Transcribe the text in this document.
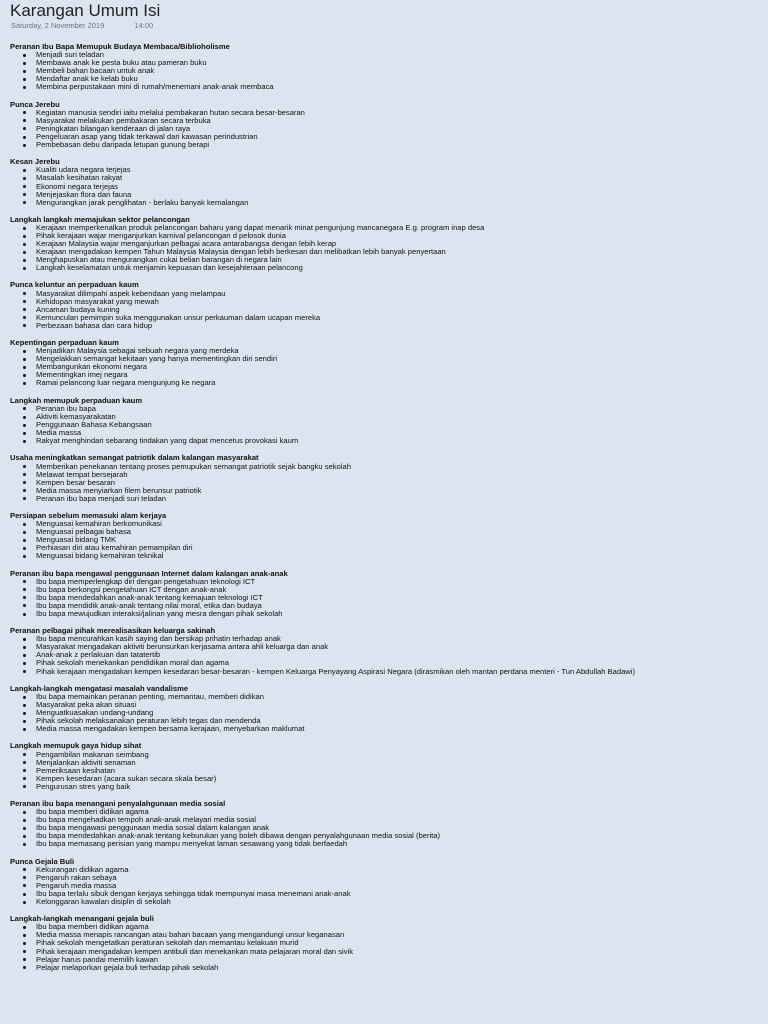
Karangan Umum Isi
Saturday, 2 November 2019	14:00
Peranan Ibu Bapa Memupuk Budaya Membaca/Biblioholisme
Menjadi suri teladan
Membawa anak ke pesta buku atau pameran buku
Membeli bahan bacaan untuk anak
Mendaftar anak ke kelab buku
Membina perpustakaan mini di rumah/menemani anak-anak membaca
Punca Jerebu
Kegiatan manusia sendiri iaitu melalui pembakaran hutan secara besar-besaran
Masyarakat melakukan pembakaran secara terbuka
Peningkatan bilangan kenderaan di jalan raya
Pengeluaran asap yang tidak terkawal dari kawasan perindustrian
Pembebasan debu daripada letupan gunung berapi
Kesan Jerebu
Kualiti udara negara terjejas
Masalah kesihatan rakyat
Ekonomi negara terjejas
Menjejaskan flora dan fauna
Mengurangkan jarak penglihatan - berlaku banyak kemalangan
Langkah langkah memajukan sektor pelancongan
Kerajaan memperkenalkan produk pelancongan baharu yang dapat menarik minat pengunjung mancanegara E.g. program inap desa
Pihak kerajaan wajar menganjurkan karnival pelancongan d pelosok dunia
Kerajaan Malaysia wajar menganjurkan pelbagai acara antarabangsa dengan lebih kerap
Kerajaan mengadakan kempen Tahun Malaysia Malaysia dengan lebih berkesan dan melibatkan lebih banyak penyertaan
Menghapuskan atau mengurangkan cukai belian barangan di negara lain
Langkah keselamatan untuk menjamin kepuasan dan kesejahteraan pelancong
Punca keluntur an perpaduan kaum
Masyarakat dilimpahi aspek kebendaan yang melampau
Kehidupan masyarakat yang mewah
Ancaman budaya kuning
Kemunculan pemimpin suka menggunakan unsur perkauman dalam ucapan mereka
Perbezaan bahasa dan cara hidup
Kepentingan perpaduan kaum
Menjadikan Malaysia sebagai sebuah negara yang merdeka
Mengelakkan semangat kekitaan yang hanya mementingkan diri sendiri
Membangunkan ekonomi negara
Mementingkan imej negara
Ramai pelancong luar negara mengunjung ke negara
Langkah memupuk perpaduan kaum
Peranan ibu bapa
Aktiviti kemasyarakatan
Penggunaan Bahasa Kebangsaan
Media massa
Rakyat menghindari sebarang tindakan yang dapat mencetus provokasi kaum
Usaha meningkatkan semangat patriotik dalam kalangan masyarakat
Memberikan penekanan tentang proses pemupukan semangat patriotik sejak bangku sekolah
Melawat tempat bersejarah
Kempen besar besaran
Media massa menyiarkan filem berunsur patriotik
Peranan ibu bapa menjadi suri teladan
Persiapan sebelum memasuki alam kerjaya
Menguasai kemahiran berkomunikasi
Menguasai pelbagai bahasa
Menguasai bidang TMK
Perhiasan diri atau kemahiran pemampilan diri
Menguasai bidang kemahiran teknikal
Peranan ibu bapa mengawal penggunaan Internet dalam kalangan anak-anak
Ibu bapa memperlengkap diri dengan pengetahuan teknologi ICT
Ibu bapa berkongsi pengetahuan ICT dengan anak-anak
Ibu bapa mendedahkan anak-anak tentang kemajuan teknologi ICT
Ibu bapa mendidik anak-anak tentang nilai moral, etika dan budaya
Ibu bapa mewujudkan interaksi/jalinan yang mesra dengan pihak sekolah
Peranan pelbagai pihak merealisasikan keluarga sakinah
Ibu bapa mencurahkan kasih saying dan bersikap prihatin terhadap anak
Masyarakat mengadakan aktiviti berunsurkan kerjasama antara ahli keluarga dan anak
Anak-anak z perlakuan dan tatatertib
Pihak sekolah menekankan pendidikan moral dan agama
Pihak kerajaan mengadakan kempen kesedaran besar-besaran - kempen Keluarga Penyayang Aspirasi Negara (dirasmikan oleh mantan perdana menteri - Tun Abdullah Badawi)
Langkah-langkah mengatasi masalah vandalisme
Ibu bapa memainkan peranan penting, memantau, memberi didikan
Masyarakat peka akan situasi
Menguatkuasakan undang-undang
Pihak sekolah melaksanakan peraturan lebih tegas dan mendenda
Media massa mengadakan kempen bersama kerajaan, menyebarkan maklumat
Langkah memupuk gaya hidup sihat
Pengambilan makanan seimbang
Menjalankan aktiviti senaman
Pemeriksaan kesihatan
Kempen kesedaran (acara sukan secara skala besar)
Pengurusan stres yang baik
Peranan ibu bapa menangani penyalahgunaan media sosial
Ibu bapa memberi didikan agama
Ibu bapa mengehadkan tempoh anak-anak melayari media sosial
Ibu bapa mengawasi penggunaan media sosial dalam kalangan anak
Ibu bapa mendedahkan anak-anak tentang keburukan yang boleh dibawa dengan penyalahgunaan media sosial (berita)
Ibu bapa memasang perisian yang mampu menyekat laman sesawang yang tidak berfaedah
Punca Gejala Buli
Kekurangan didikan agama
Pengaruh rakan sebaya
Pengaruh media massa
Ibu bapa terlalu sibuk dengan kerjaya sehingga tidak mempunyai masa menemani anak-anak
Kelonggaran kawalan disiplin di sekolah
Langkah-langkah menangani gejala buli
Ibu bapa memberi didikan agama
Media massa menapis rancangan atau bahan bacaan yang mengandungi unsur keganasan
Pihak sekolah mengetatkan peraturan sekolah dan memantau kelakuan murid
Pihak kerajaan mengadakan kempen antibuli dan menekankan mata pelajaran moral dan sivik
Pelajar harus pandai memilih kawan
Pelajar melaporkan gejala buli terhadap pihak sekolah
